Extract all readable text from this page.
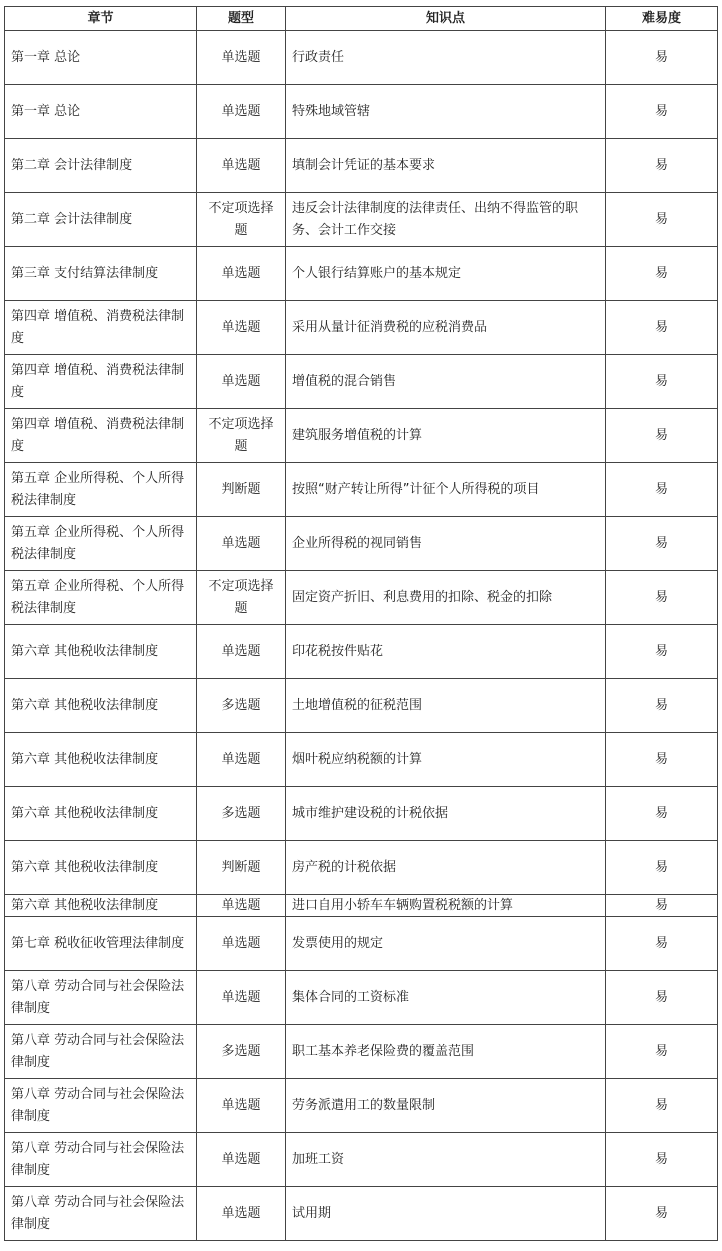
章节	题型	知识点	难易度
第一章 总论	单选题	行政责任	易
第一章 总论	单选题	特殊地域管辖	易
第二章 会计法律制度	单选题	填制会计凭证的基本要求	易
第二章 会计法律制度	不定项选择题	违反会计法律制度的法律责任、出纳不得监管的职务、会计工作交接	易
第三章 支付结算法律制度	单选题	个人银行结算账户的基本规定	易
第四章 增值税、消费税法律制度	单选题	采用从量计征消费税的应税消费品	易
第四章 增值税、消费税法律制度	单选题	增值税的混合销售	易
第四章 增值税、消费税法律制度	不定项选择题	建筑服务增值税的计算	易
第五章 企业所得税、个人所得税法律制度	判断题	按照“财产转让所得”计征个人所得税的项目	易
第五章 企业所得税、个人所得税法律制度	单选题	企业所得税的视同销售	易
第五章 企业所得税、个人所得税法律制度	不定项选择题	固定资产折旧、利息费用的扣除、税金的扣除	易
第六章 其他税收法律制度	单选题	印花税按件贴花	易
第六章 其他税收法律制度	多选题	土地增值税的征税范围	易
第六章 其他税收法律制度	单选题	烟叶税应纳税额的计算	易
第六章 其他税收法律制度	多选题	城市维护建设税的计税依据	易
第六章 其他税收法律制度	判断题	房产税的计税依据	易
第六章 其他税收法律制度	单选题	进口自用小轿车车辆购置税税额的计算	易
第七章 税收征收管理法律制度	单选题	发票使用的规定	易
第八章 劳动合同与社会保险法律制度	单选题	集体合同的工资标准	易
第八章 劳动合同与社会保险法律制度	多选题	职工基本养老保险费的覆盖范围	易
第八章 劳动合同与社会保险法律制度	单选题	劳务派遣用工的数量限制	易
第八章 劳动合同与社会保险法律制度	单选题	加班工资	易
第八章 劳动合同与社会保险法律制度	单选题	试用期	易
